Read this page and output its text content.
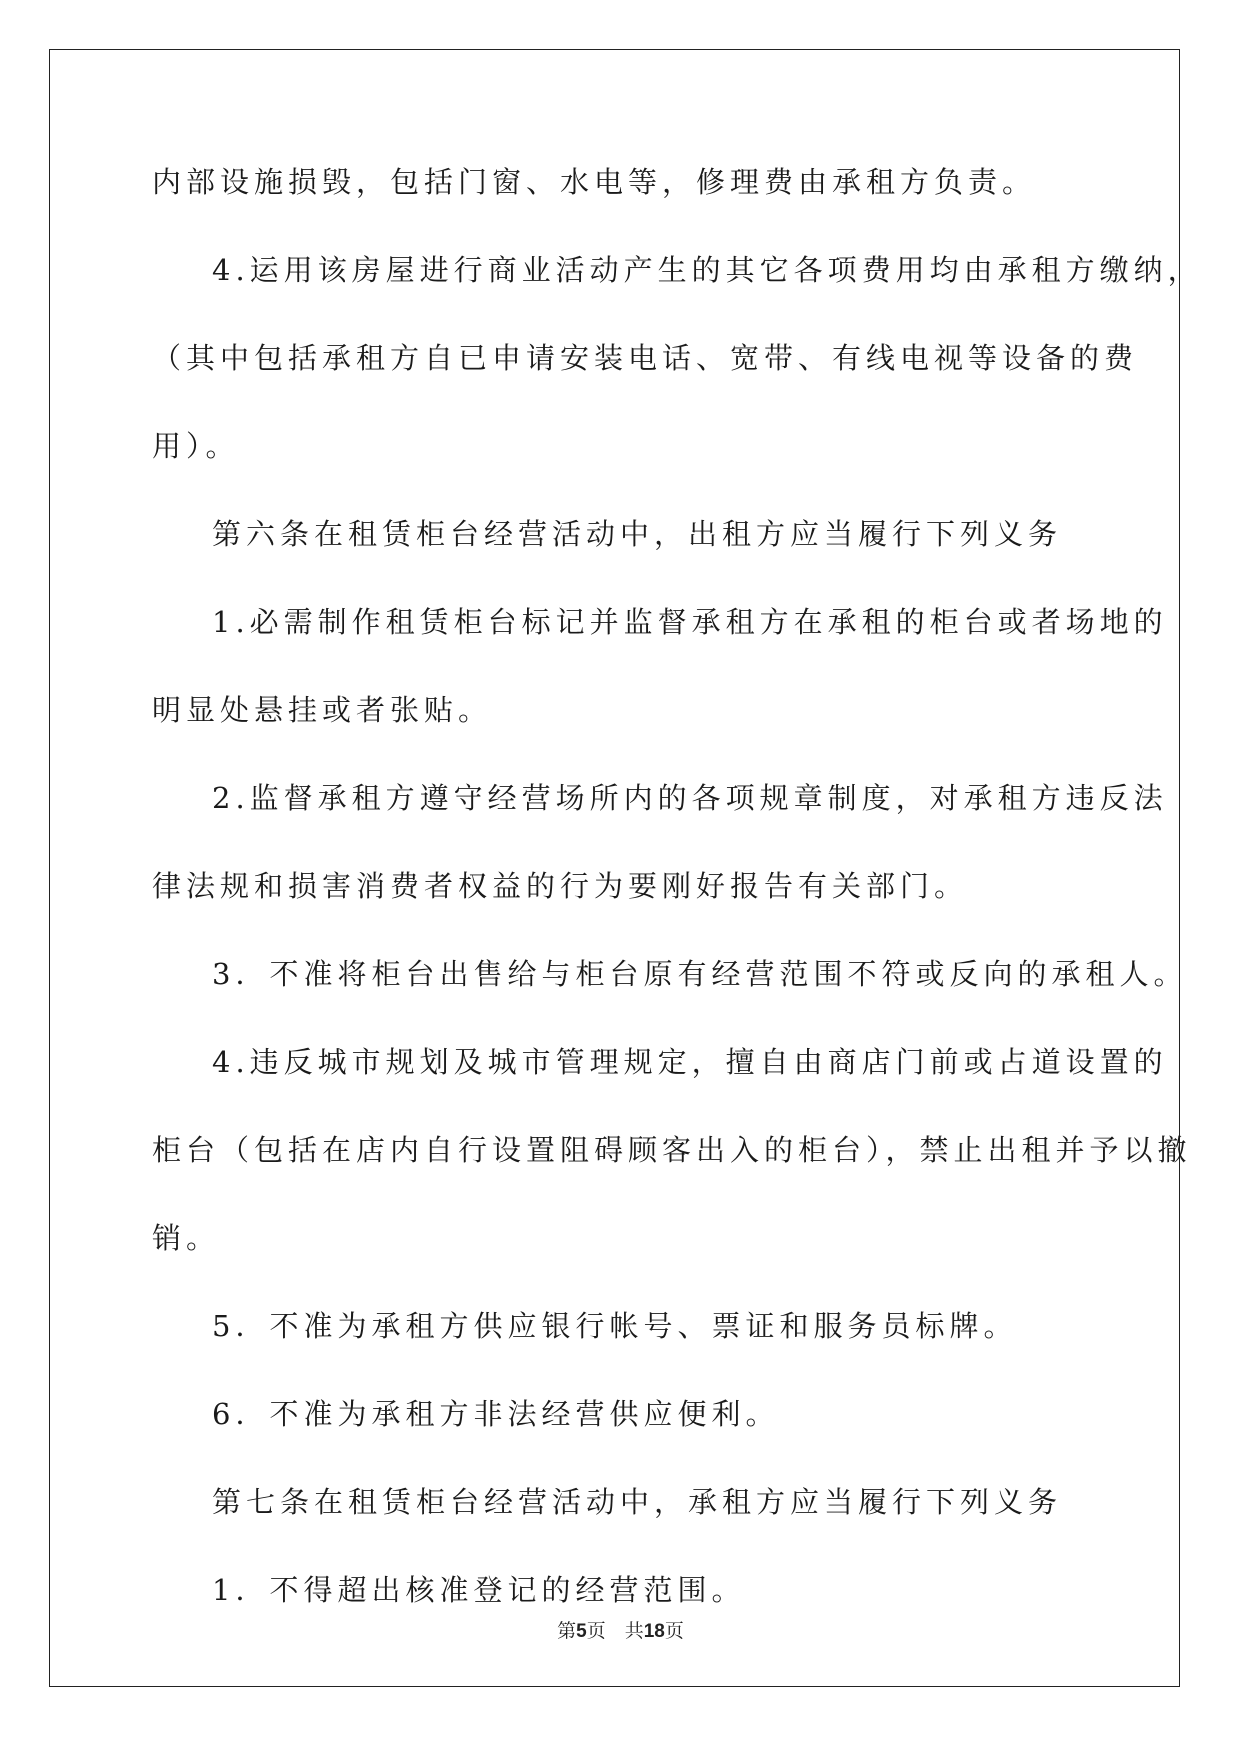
内部设施损毁，包括门窗、水电等，修理费由承租方负责。
4.运用该房屋进行商业活动产生的其它各项费用均由承租方缴纳，
（其中包括承租方自已申请安装电话、宽带、有线电视等设备的费
用）。
第六条在租赁柜台经营活动中，出租方应当履行下列义务
1.必需制作租赁柜台标记并监督承租方在承租的柜台或者场地的
明显处悬挂或者张贴。
2.监督承租方遵守经营场所内的各项规章制度，对承租方违反法
律法规和损害消费者权益的行为要刚好报告有关部门。
3．不准将柜台出售给与柜台原有经营范围不符或反向的承租人。
4.违反城市规划及城市管理规定，擅自由商店门前或占道设置的
柜台（包括在店内自行设置阻碍顾客出入的柜台），禁止出租并予以撤
销。
5．不准为承租方供应银行帐号、票证和服务员标牌。
6．不准为承租方非法经营供应便利。
第七条在租赁柜台经营活动中，承租方应当履行下列义务
1．不得超出核准登记的经营范围。
第5页　共18页
